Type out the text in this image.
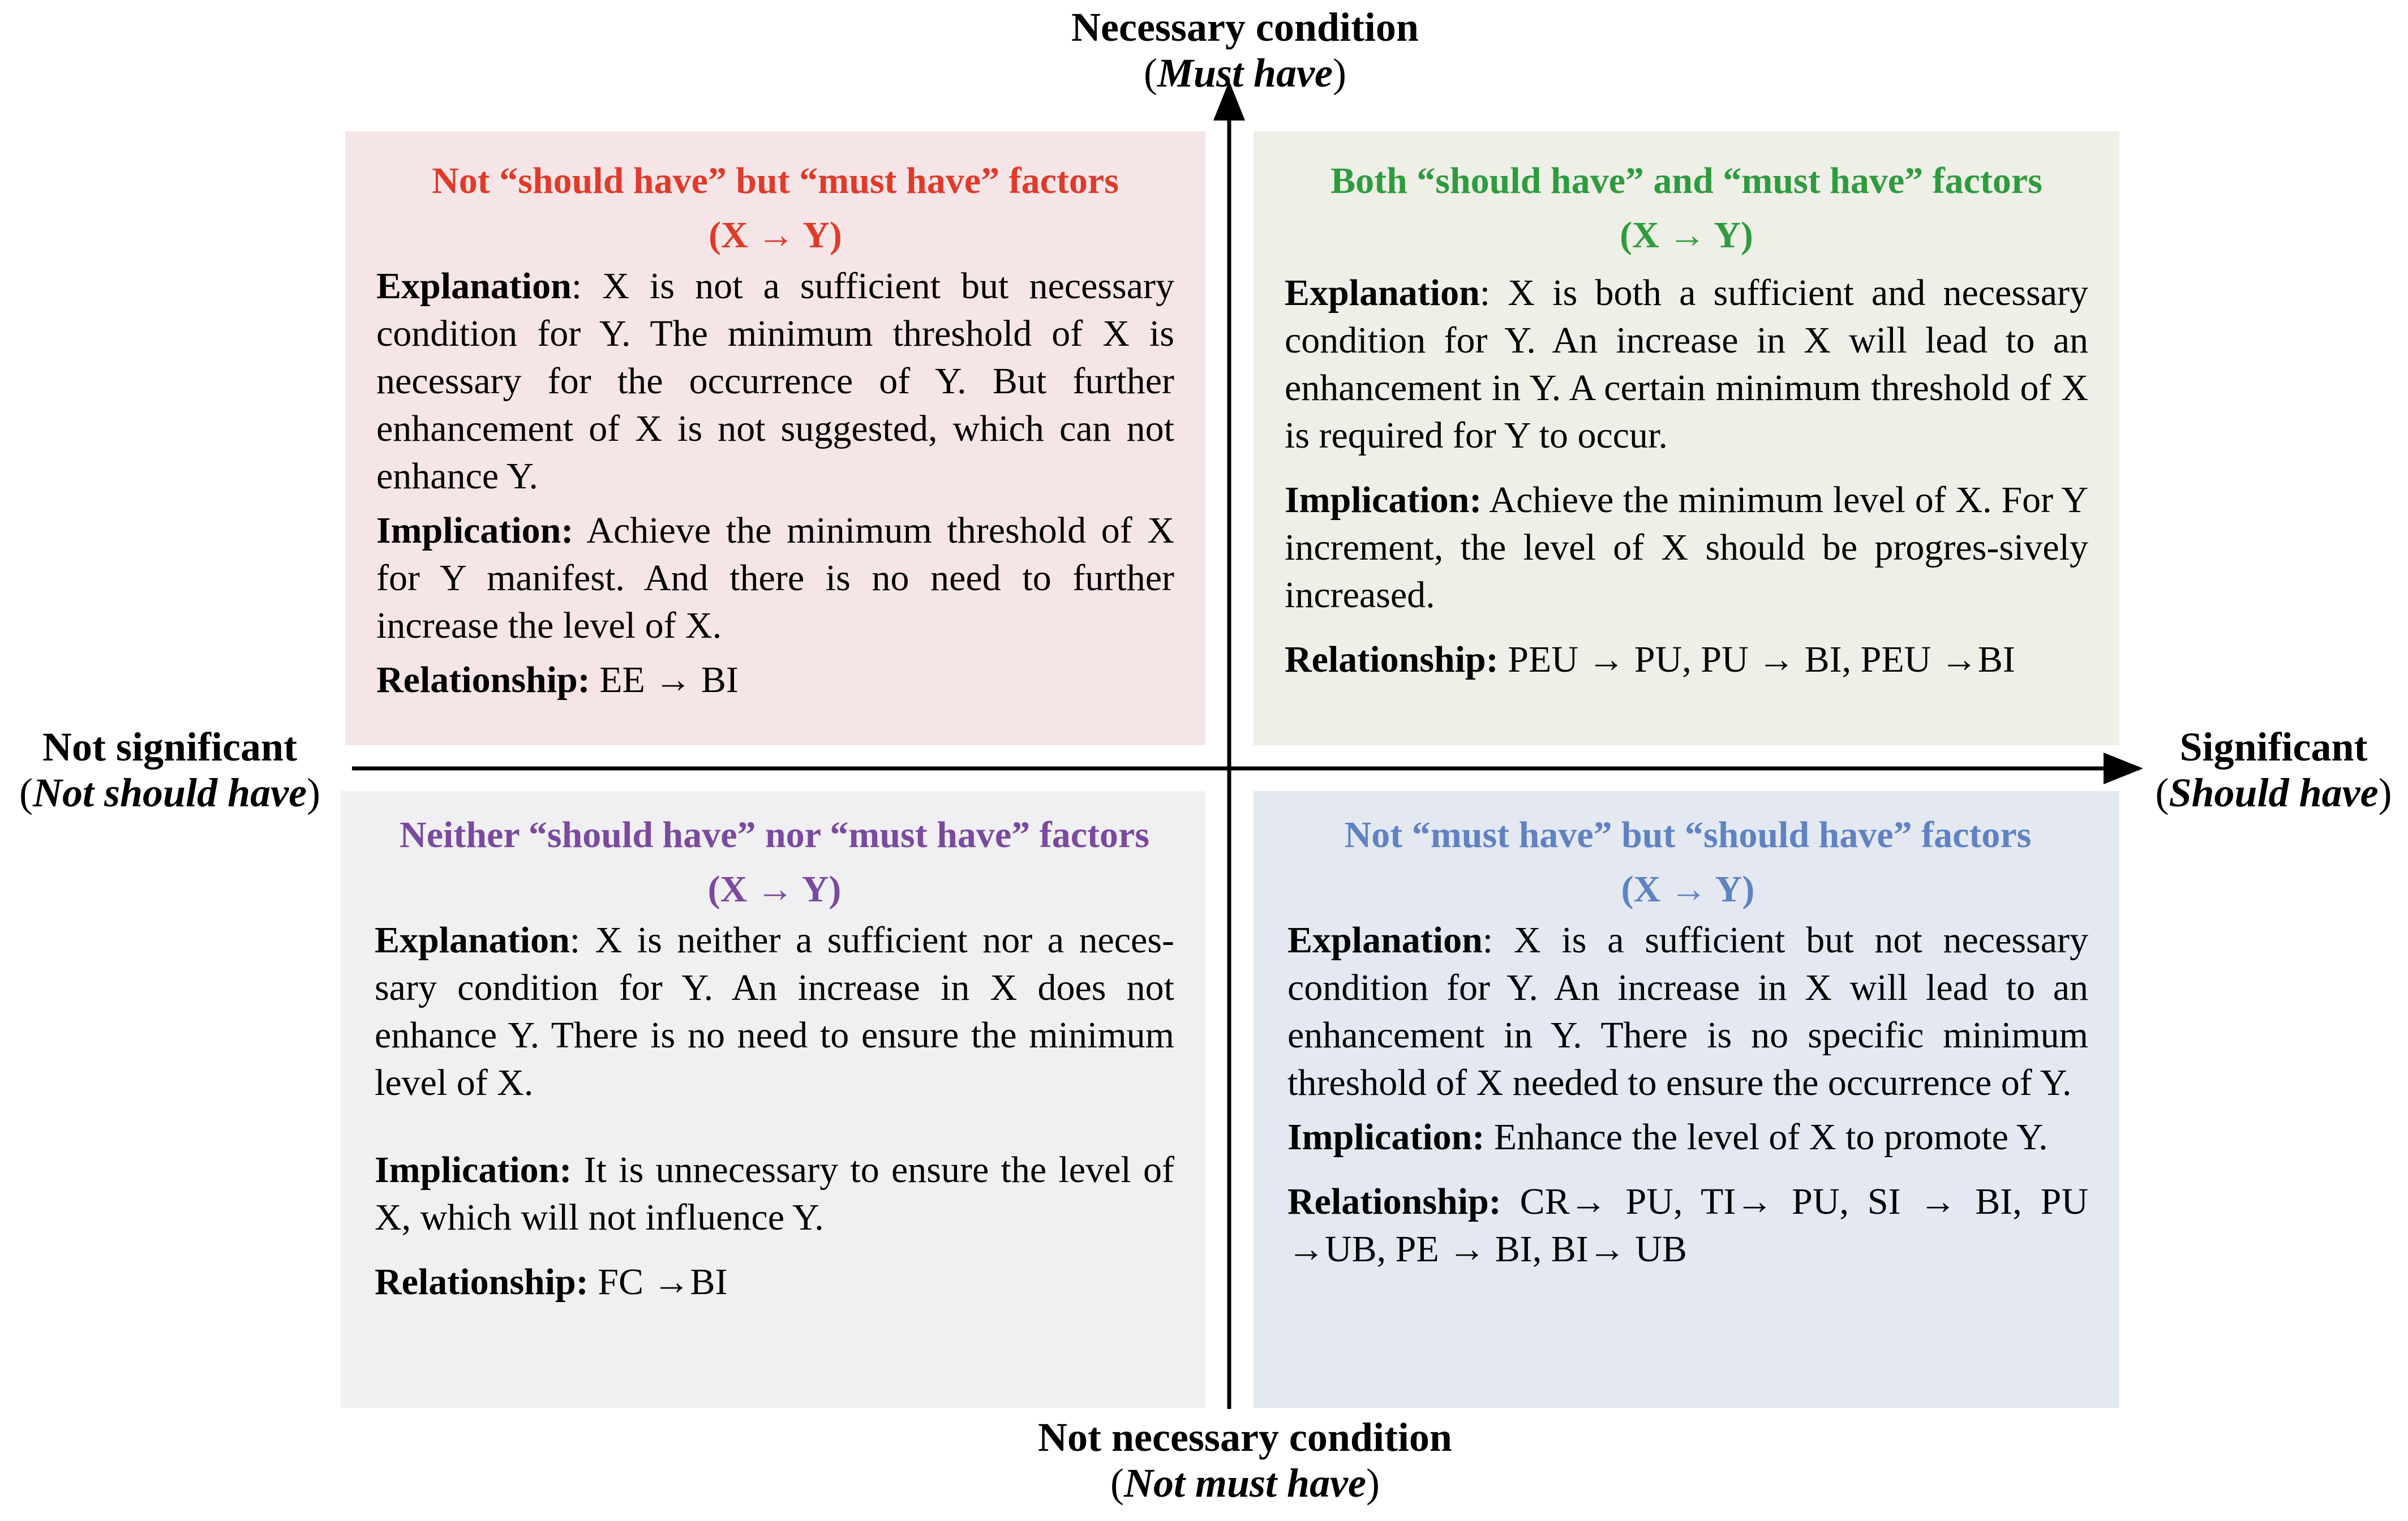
Not “should have” but “must have” factors
(X → Y)

Explanation: X is not a sufficient but necessary condition for Y. The minimum threshold of X is necessary for the occurrence of Y. But further enhancement of X is not suggested, which can not enhance Y.

Implication: Achieve the minimum threshold of X for Y manifest. And there is no need to further increase the level of X.

Relationship: EE → BI

Both “should have” and “must have” factors
(X → Y)

Explanation: X is both a sufficient and necessary condition for Y. An increase in X will lead to an enhancement in Y. A certain minimum threshold of X is required for Y to occur.

Implication: Achieve the minimum level of X. For Y increment, the level of X should be progres-sively increased.

Relationship: PEU → PU, PU → BI, PEU →BI

Neither “should have” nor “must have” factors
(X → Y)

Explanation: X is neither a sufficient nor a neces-sary condition for Y. An increase in X does not enhance Y. There is no need to ensure the minimum level of X.

Implication: It is unnecessary to ensure the level of X, which will not influence Y.

Relationship: FC →BI

Not “must have” but “should have” factors
(X → Y)

Explanation: X is a sufficient but not necessary condition for Y. An increase in X will lead to an enhancement in Y. There is no specific minimum threshold of X needed to ensure the occurrence of Y.

Implication: Enhance the level of X to promote Y.

Relationship: CR→ PU, TI→ PU, SI → BI, PU →UB, PE → BI, BI→ UB

Necessary condition
(Must have)
Not necessary condition
(Not must have)
Not significant
(Not should have)
Significant
(Should have)
